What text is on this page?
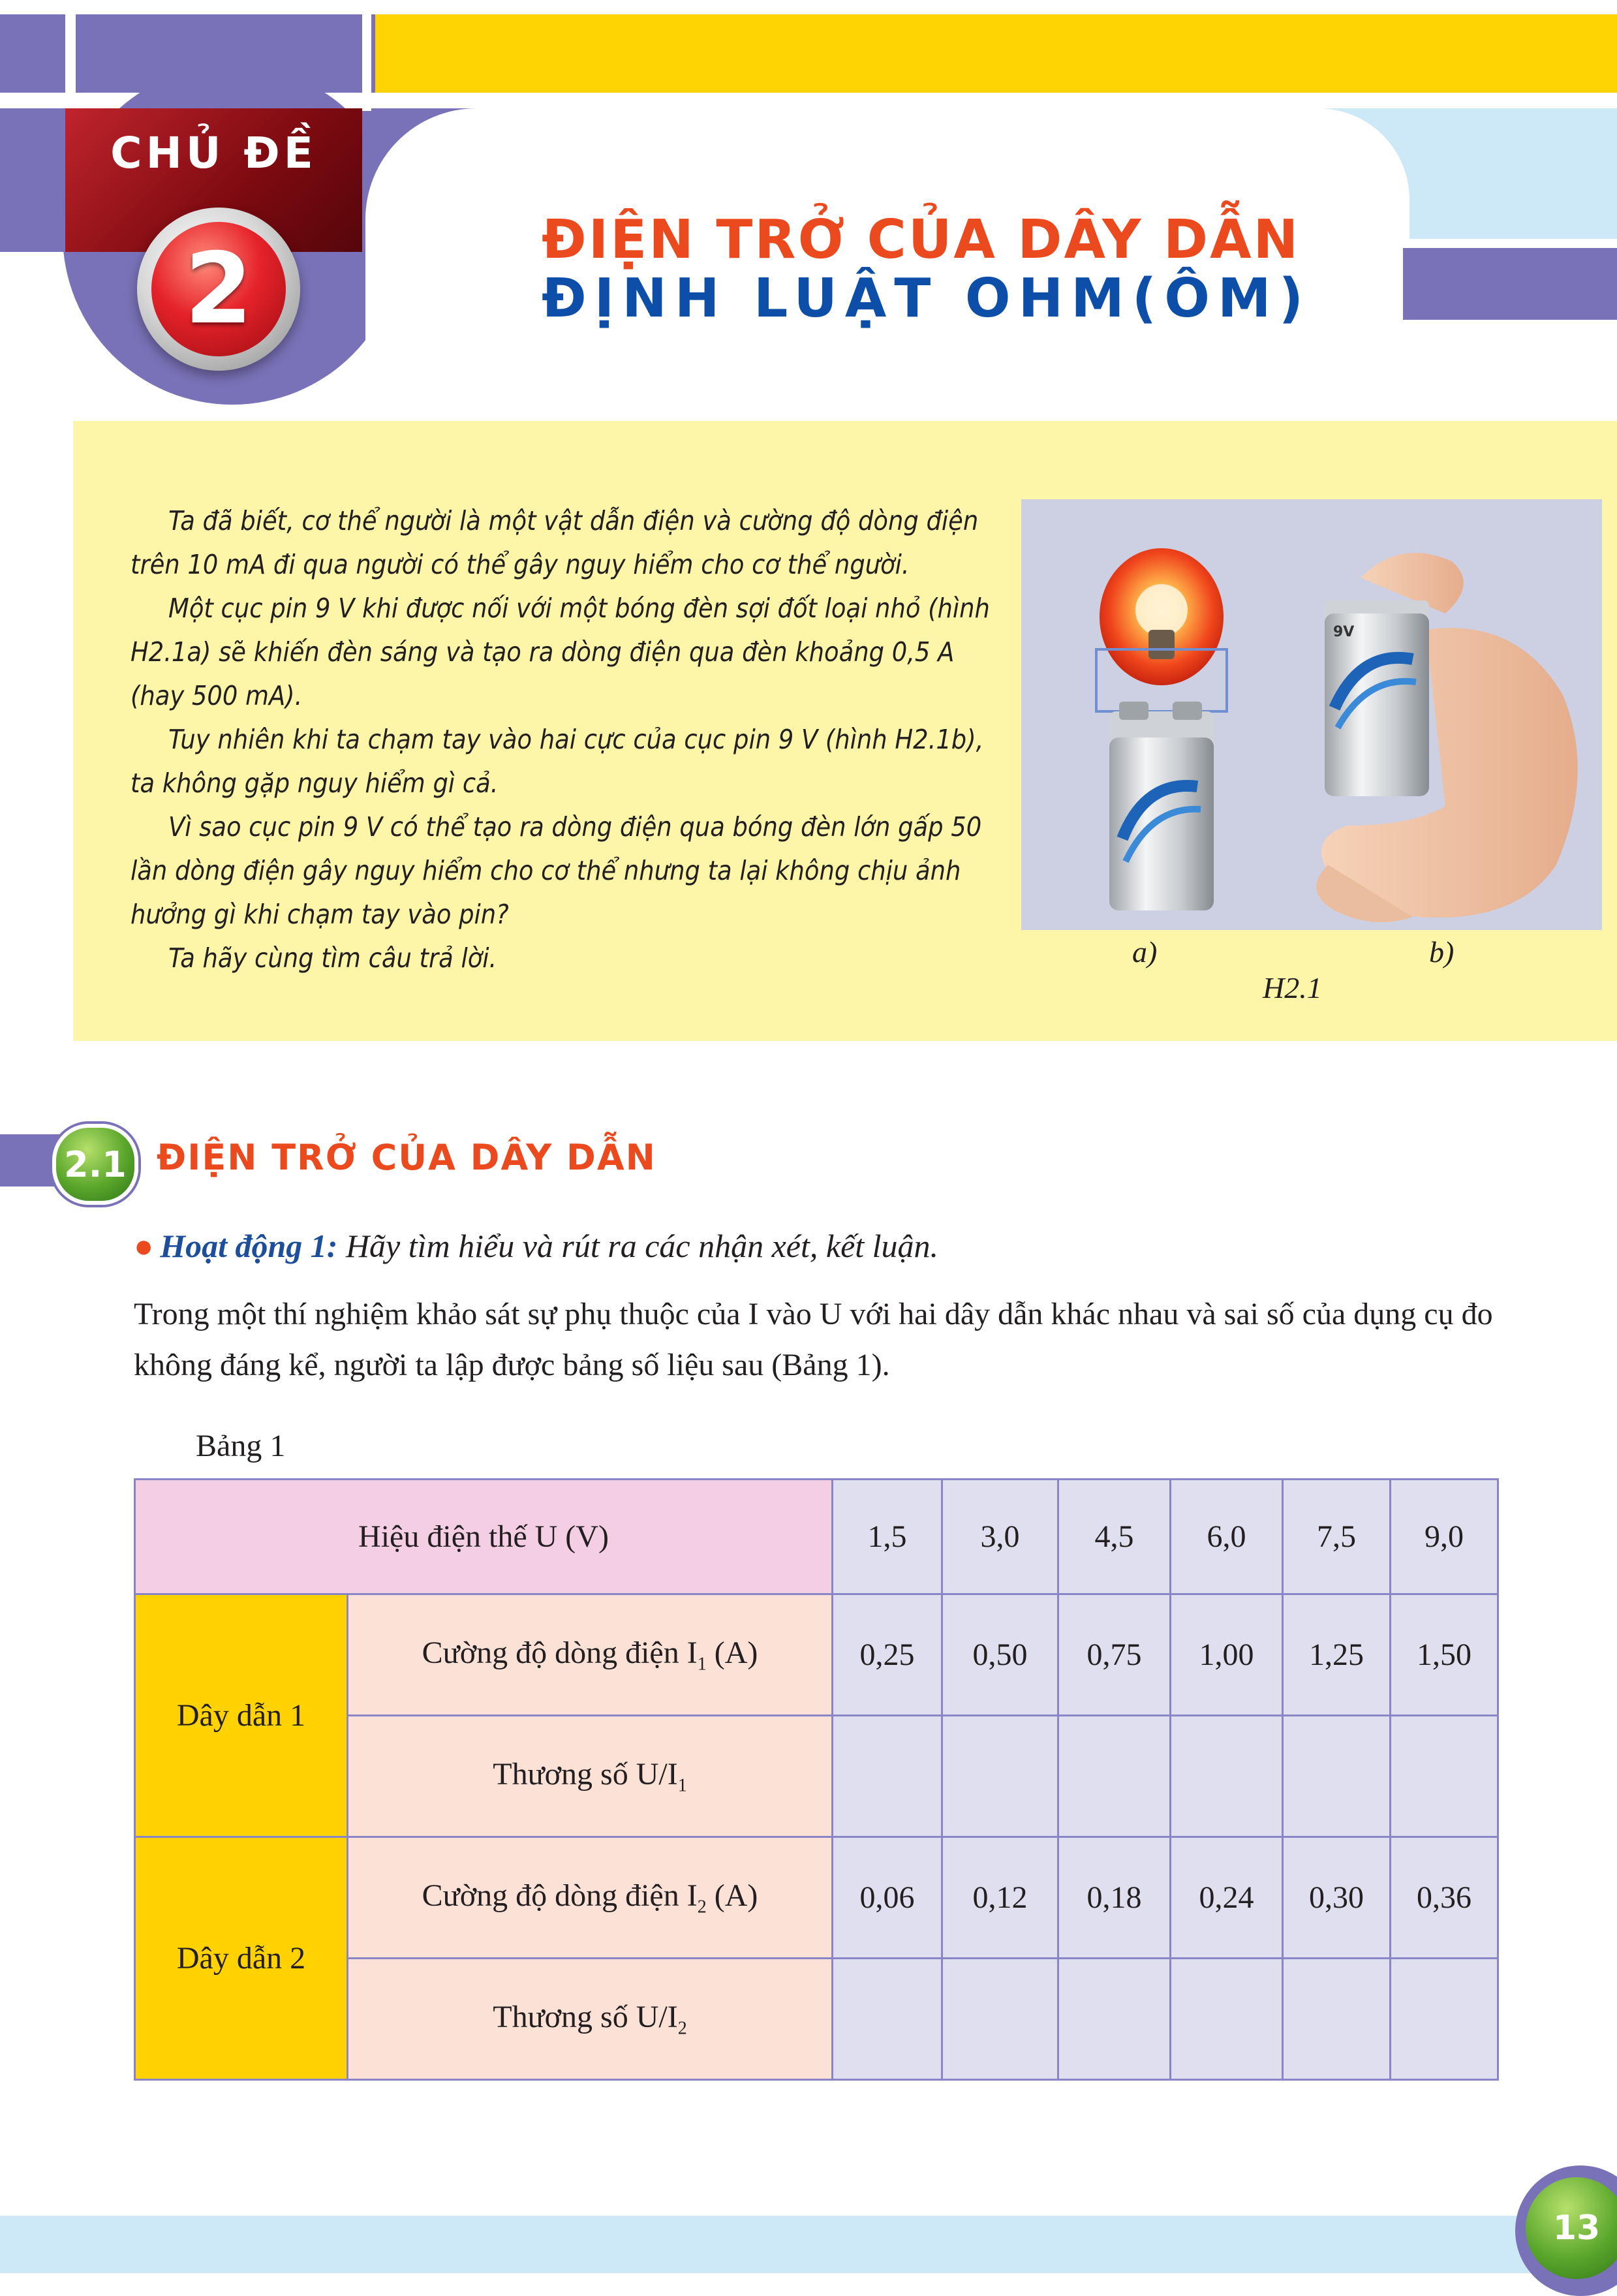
CHỦ ĐỀ
2	ĐIỆN TRỞ CỦA DÂY DẪN
ĐỊNH LUẬT OHM(ÔM)

Ta đã biết, cơ thể người là một vật dẫn điện và cường độ dòng điện trên 10 mA đi qua người có thể gây nguy hiểm cho cơ thể người.

Một cục pin 9 V khi được nối với một bóng đèn sợi đốt loại nhỏ (hình H2.1a) sẽ khiến đèn sáng và tạo ra dòng điện qua đèn khoảng 0,5 A (hay 500 mA).

Tuy nhiên khi ta chạm tay vào hai cực của cục pin 9 V (hình H2.1b), ta không gặp nguy hiểm gì cả.

Vì sao cục pin 9 V có thể tạo ra dòng điện qua bóng đèn lớn gấp 50 lần dòng điện gây nguy hiểm cho cơ thể nhưng ta lại không chịu ảnh hưởng gì khi chạm tay vào pin?

Ta hãy cùng tìm câu trả lời.

9V
a)	b)
H2.1
2.1 ĐIỆN TRỞ CỦA DÂY DẪN
● Hoạt động 1: Hãy tìm hiểu và rút ra các nhận xét, kết luận.
Trong một thí nghiệm khảo sát sự phụ thuộc của I vào U với hai dây dẫn khác nhau và sai số của dụng cụ đo không đáng kể, người ta lập được bảng số liệu sau (Bảng 1).
Bảng 1
Hiệu điện thế U (V)		1,5	3,0	4,5	6,0	7,5	9,0
Dây dẫn 1	Cường độ dòng điện $I_1$ (A)	0,25	0,50	0,75	1,00	1,25	1,50
	Thương số $U/I_1$						
Dây dẫn 2	Cường độ dòng điện $I_2$ (A)	0,06	0,12	0,18	0,24	0,30	0,36
	Thương số $U/I_2$						
13
